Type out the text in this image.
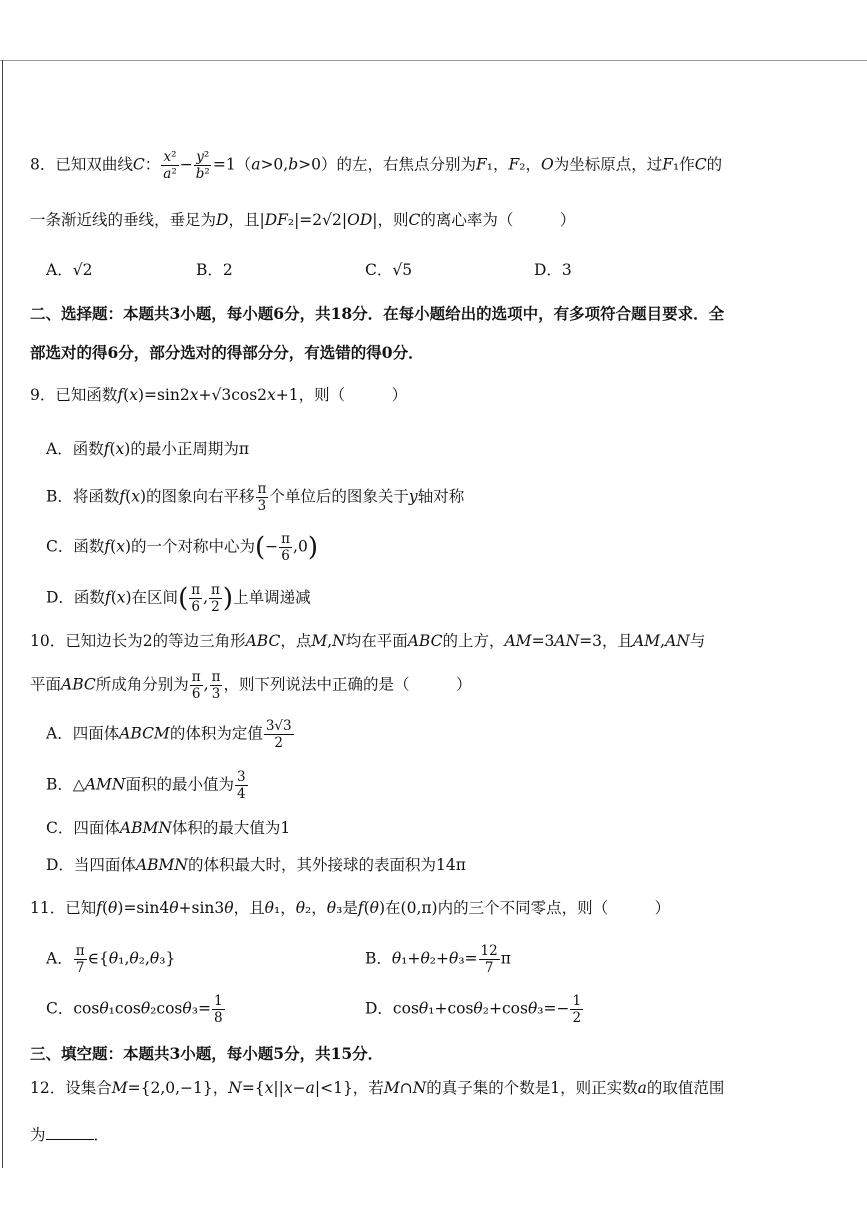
8．已知双曲线C： $\frac{\text{x²}}{\text{a²}} - \frac{\text{y²}}{\text{b²}} =1(a>0,b>0)$的左，右焦点分别为F₁，F₂，O为坐标原点，过F₁作C的
一条渐近线的垂线，垂足为D，且|DF₂|=2√2|OD|，则C的离心率为（　　　）
A．√2	B．2	C．√5	D．3
二、选择题：本题共3小题，每小题6分，共18分．在每小题给出的选项中，有多项符合题目要求．全
部选对的得6分，部分选对的得部分分，有选错的得0分．
9．已知函数f(x)=sin2x+√3cos2x+1，则（　　　）
A．函数f(x)的最小正周期为π
B．将函数f(x)的图象向右平移 $\frac{\pi}{3}$ 个单位后的图象关于y轴对称
C．函数f(x)的一个对称中心为(− $\frac{\pi}{6} ,0$)
D．函数f(x)在区间( $\frac{\pi}{6}$ , $\frac{\pi}{2}$ )上单调递减
10．已知边长为2的等边三角形ABC，点M,N均在平面ABC的上方，AM=3AN=3，且AM,AN与
平面ABC所成角分别为 $\frac{\pi}{6}$ , $\frac{\pi}{3}$ ，则下列说法中正确的是（　　　）
A．四面体ABCM的体积为定值 $\frac{3√3}{2}$
B．△AMN面积的最小值为 $\frac{3}{4}$
C．四面体ABMN体积的最大值为1
D．当四面体ABMN的体积最大时，其外接球的表面积为14π
11．已知f(θ)=sin4θ+sin3θ，且θ₁，θ₂，θ₃是f(θ)在(0,π)内的三个不同零点，则（　　　）
A． $\frac{\pi}{7}$ ∈{θ₁,θ₂,θ₃}	B．$\theta_1+\theta_2+\theta_3= \frac{12}{7}$ π
C．$\cos\theta_1\cos\theta_2\cos\theta_3= \frac{1}{8}$	D．$\cos\theta_1+\cos\theta_2+\cos\theta_3=- \frac{1}{2}$
三、填空题：本题共3小题，每小题5分，共15分．
12．设集合M={2,0,−1}，N={x||x−a|<1}，若M∩N的真子集的个数是1，则正实数a的取值范围
为	．
